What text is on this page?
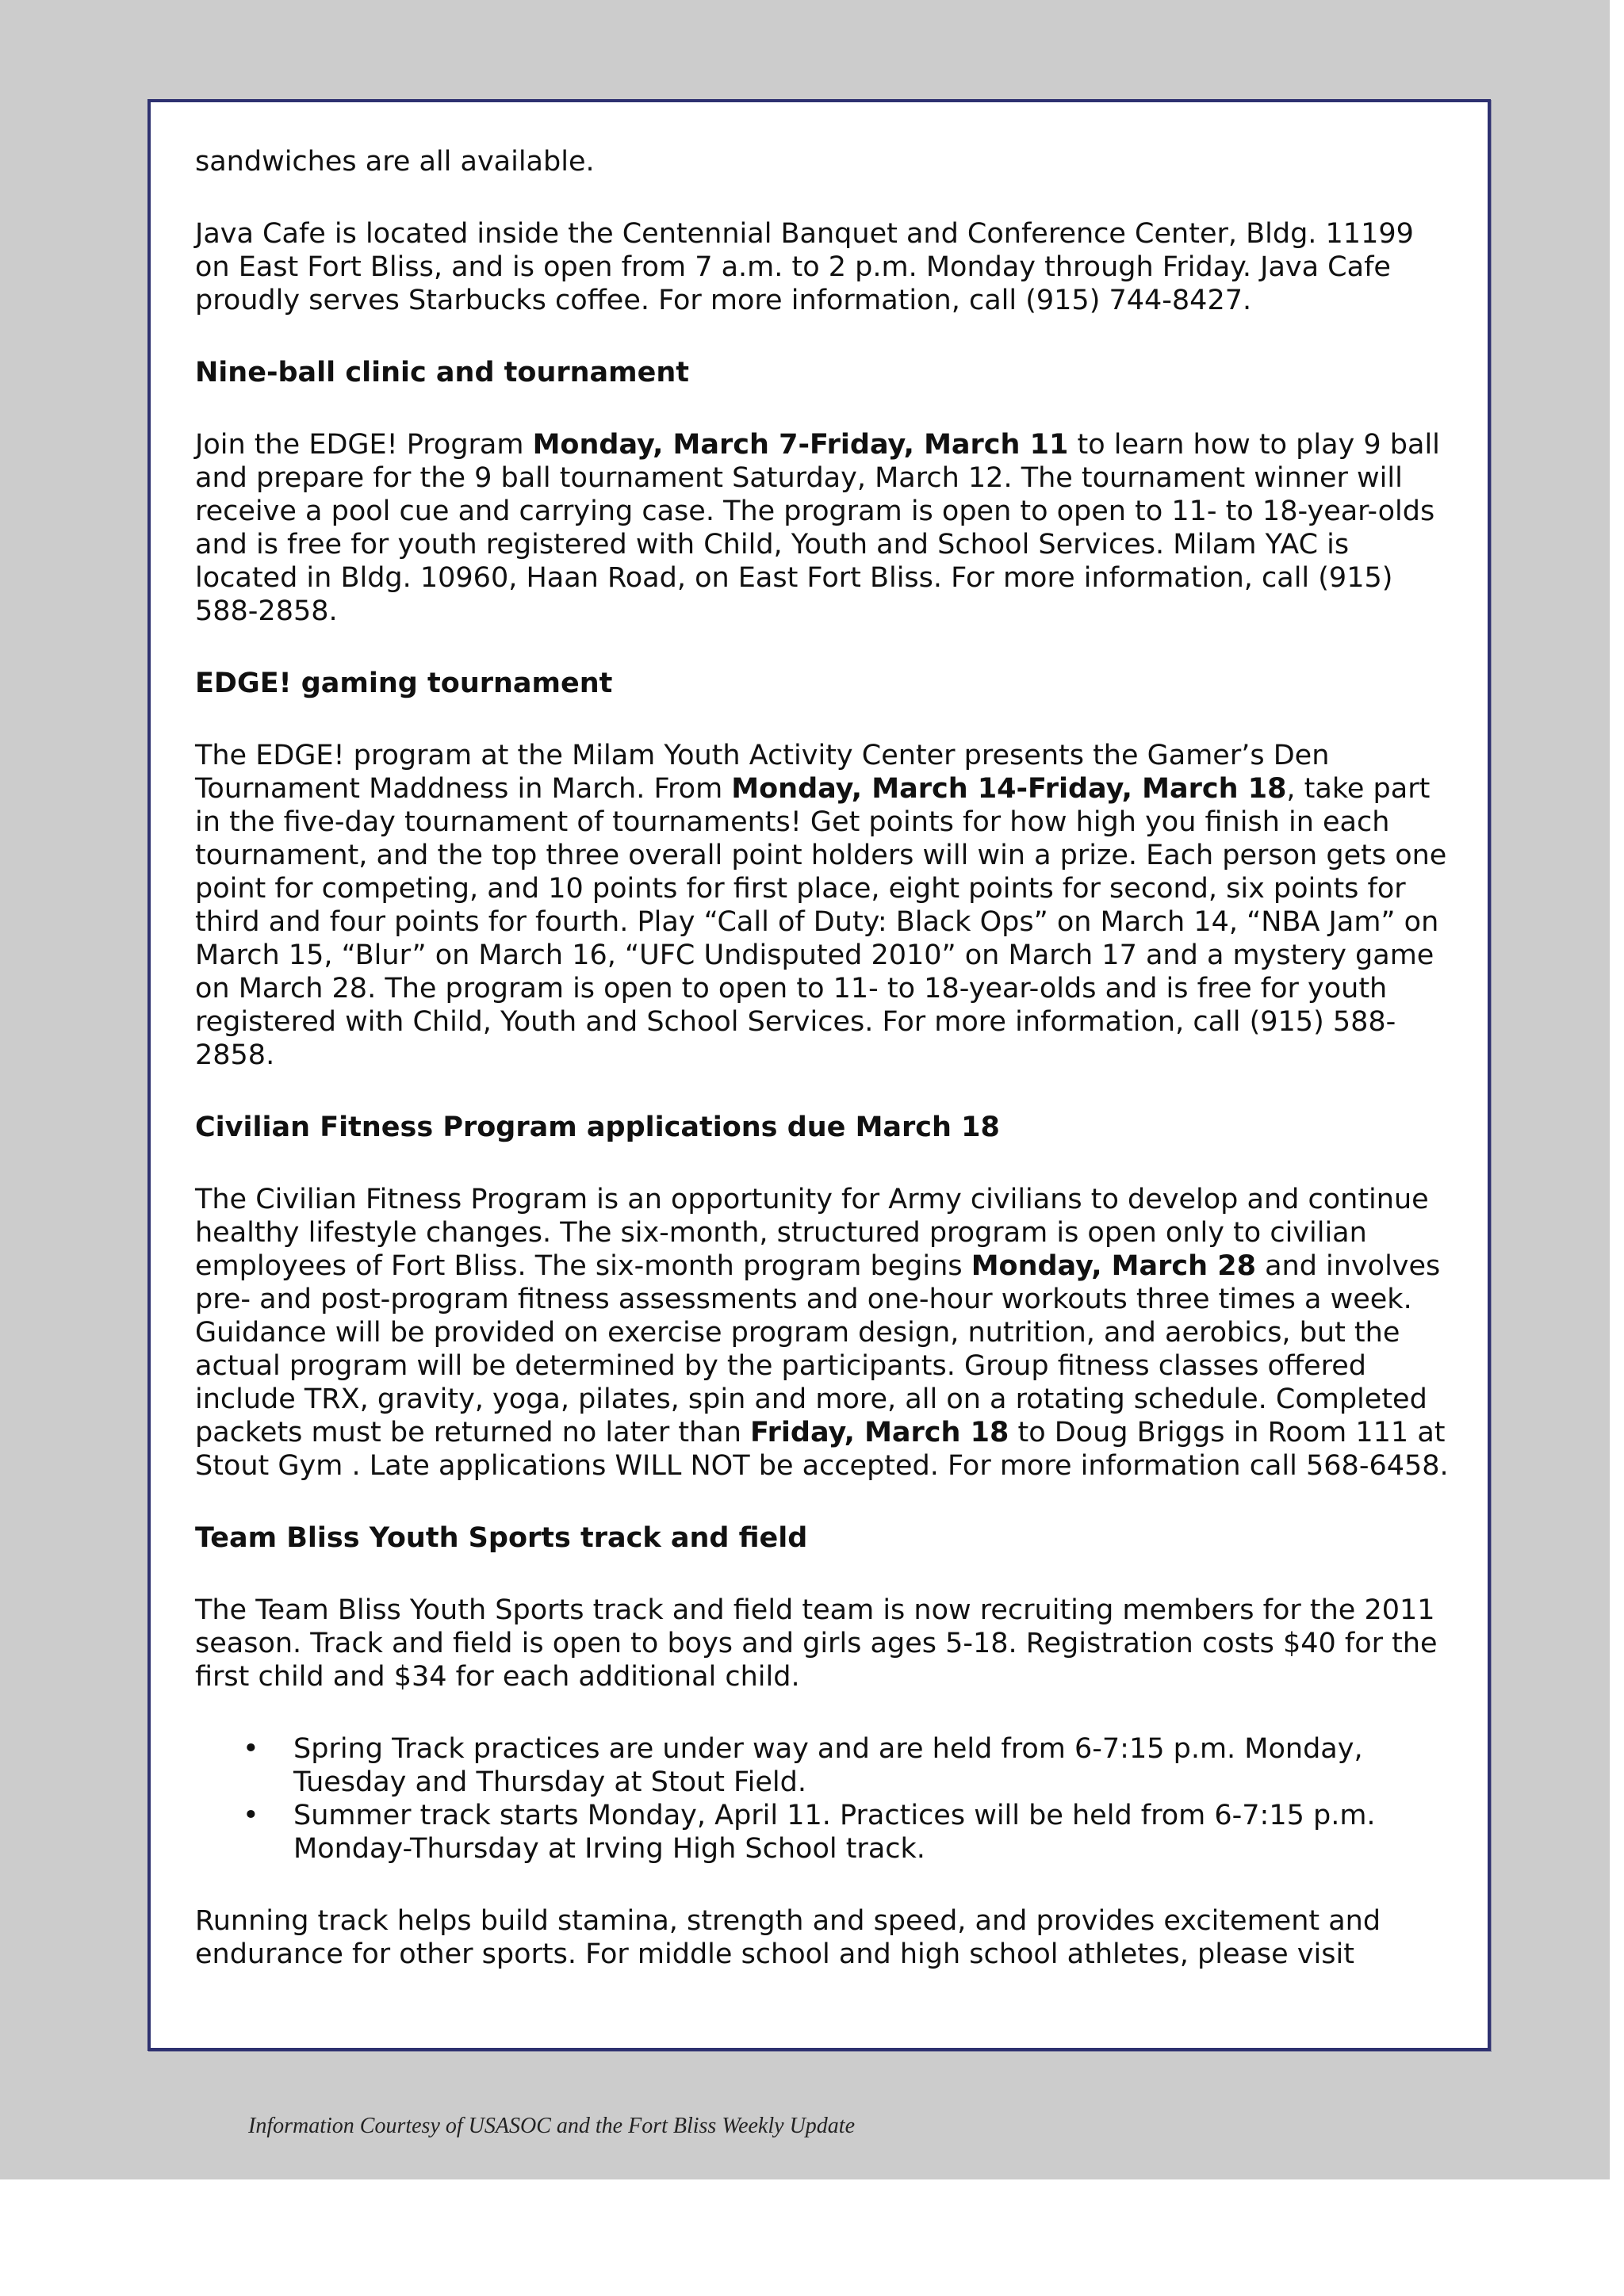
sandwiches are all available.

Java Cafe is located inside the Centennial Banquet and Conference Center, Bldg. 11199 on East Fort Bliss, and is open from 7 a.m. to 2 p.m. Monday through Friday. Java Cafe proudly serves Starbucks coffee. For more information, call (915) 744-8427.

Nine-ball clinic and tournament

Join the EDGE! Program Monday, March 7-Friday, March 11 to learn how to play 9 ball and prepare for the 9 ball tournament Saturday, March 12. The tournament winner will receive a pool cue and carrying case. The program is open to open to 11- to 18-year-olds and is free for youth registered with Child, Youth and School Services. Milam YAC is located in Bldg. 10960, Haan Road, on East Fort Bliss. For more information, call (915) 588-2858.

EDGE! gaming tournament

The EDGE! program at the Milam Youth Activity Center presents the Gamer’s Den Tournament Maddness in March. From Monday, March 14-Friday, March 18, take part in the five-day tournament of tournaments! Get points for how high you finish in each tournament, and the top three overall point holders will win a prize. Each person gets one point for competing, and 10 points for first place, eight points for second, six points for third and four points for fourth. Play “Call of Duty: Black Ops” on March 14, “NBA Jam” on March 15, “Blur” on March 16, “UFC Undisputed 2010” on March 17 and a mystery game on March 28. The program is open to open to 11- to 18-year-olds and is free for youth registered with Child, Youth and School Services. For more information, call (915) 588-2858.

Civilian Fitness Program applications due March 18

The Civilian Fitness Program is an opportunity for Army civilians to develop and continue healthy lifestyle changes. The six-month, structured program is open only to civilian employees of Fort Bliss. The six-month program begins Monday, March 28 and involves pre- and post-program fitness assessments and one-hour workouts three times a week. Guidance will be provided on exercise program design, nutrition, and aerobics, but the actual program will be determined by the participants. Group fitness classes offered include TRX, gravity, yoga, pilates, spin and more, all on a rotating schedule. Completed packets must be returned no later than Friday, March 18 to Doug Briggs in Room 111 at Stout Gym . Late applications WILL NOT be accepted. For more information call 568-6458.

Team Bliss Youth Sports track and field

The Team Bliss Youth Sports track and field team is now recruiting members for the 2011 season. Track and field is open to boys and girls ages 5-18. Registration costs $40 for the first child and $34 for each additional child.

• Spring Track practices are under way and are held from 6-7:15 p.m. Monday, Tuesday and Thursday at Stout Field.
• Summer track starts Monday, April 11. Practices will be held from 6-7:15 p.m. Monday-Thursday at Irving High School track.

Running track helps build stamina, strength and speed, and provides excitement and endurance for other sports. For middle school and high school athletes, please visit

Information Courtesy of USASOC and the Fort Bliss Weekly Update
